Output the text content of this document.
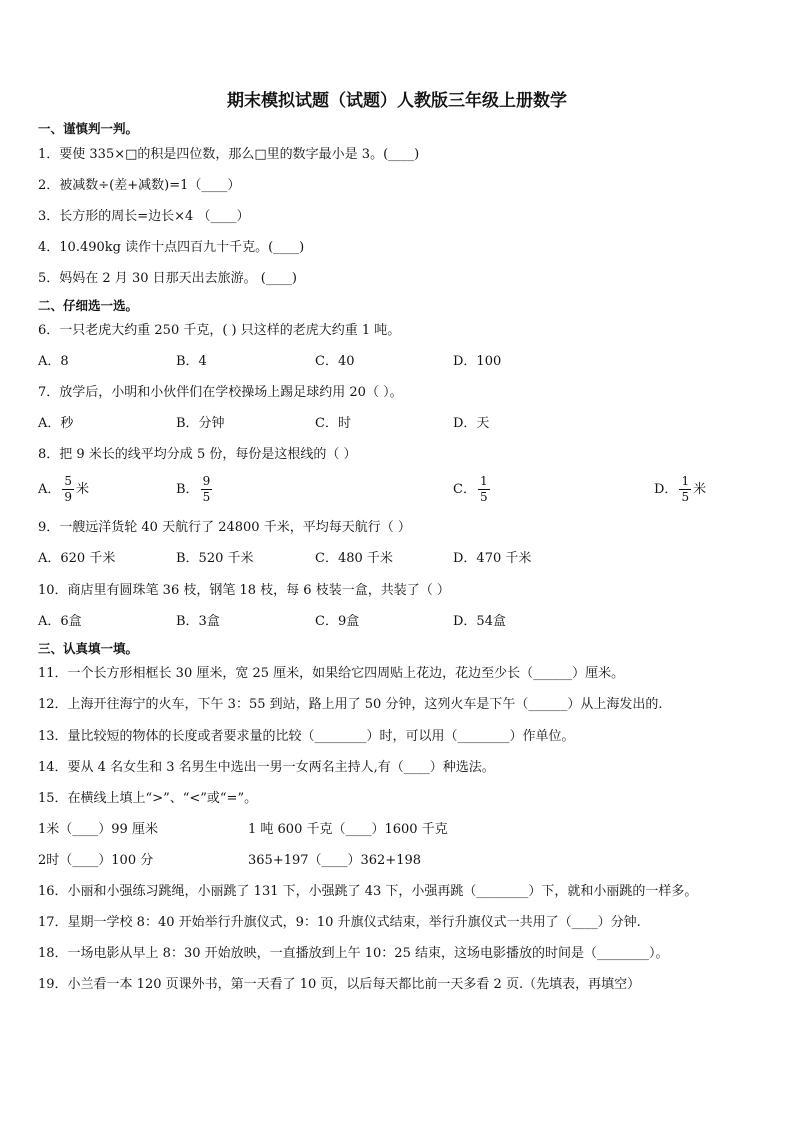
期末模拟试题（试题）人教版三年级上册数学
一、谨慎判一判。
1．要使 335×□的积是四位数，那么□里的数字最小是 3。(____)
2．被减数÷(差+减数)=1（____）
3．长方形的周长=边长×4 （____）
4．10.490kg 读作十点四百九十千克。(____)
5．妈妈在 2 月 30 日那天出去旅游。 (____)
二、仔细选一选。
6．一只老虎大约重 250 千克，( ) 只这样的老虎大约重 1 吨。
A．8	B．4	C．40	D．100
7．放学后，小明和小伙伴们在学校操场上踢足球约用 20（ ）。
A．秒	B．分钟	C．时	D．天
8．把 9 米长的线平均分成 5 份，每份是这根线的（ ）
A． $\frac{5}{9}$ 米	B． $\frac{9}{5}$	C． $\frac{1}{5}$	D． $\frac{1}{5}$ 米
9．一艘远洋货轮 40 天航行了 24800 千米，平均每天航行（ ）
A．620 千米	B．520 千米	C．480 千米	D．470 千米
10．商店里有圆珠笔 36 枝，钢笔 18 枝，每 6 枝装一盒，共装了（ ）
A．6盒	B．3盒	C．9盒	D．54盒
三、认真填一填。
11．一个长方形相框长 30 厘米，宽 25 厘米，如果给它四周贴上花边，花边至少长（______）厘米。
12．上海开往海宁的火车，下午 3：55 到站，路上用了 50 分钟，这列火车是下午（______）从上海发出的.
13．量比较短的物体的长度或者要求量的比较（________）时，可以用（________）作单位。
14．要从 4 名女生和 3 名男生中选出一男一女两名主持人,有（____）种选法。
15．在横线上填上“>”、“<”或“=”。
1米（____）99 厘米	1 吨 600 千克（____）1600 千克
2时（____）100 分	365+197（____）362+198
16．小丽和小强练习跳绳，小丽跳了 131 下，小强跳了 43 下，小强再跳（________）下，就和小丽跳的一样多。
17．星期一学校 8：40 开始举行升旗仪式，9：10 升旗仪式结束，举行升旗仪式一共用了（____）分钟.
18．一场电影从早上 8：30 开始放映，一直播放到上午 10：25 结束，这场电影播放的时间是（________）。
19．小兰看一本 120 页课外书，第一天看了 10 页，以后每天都比前一天多看 2 页.（先填表，再填空）
